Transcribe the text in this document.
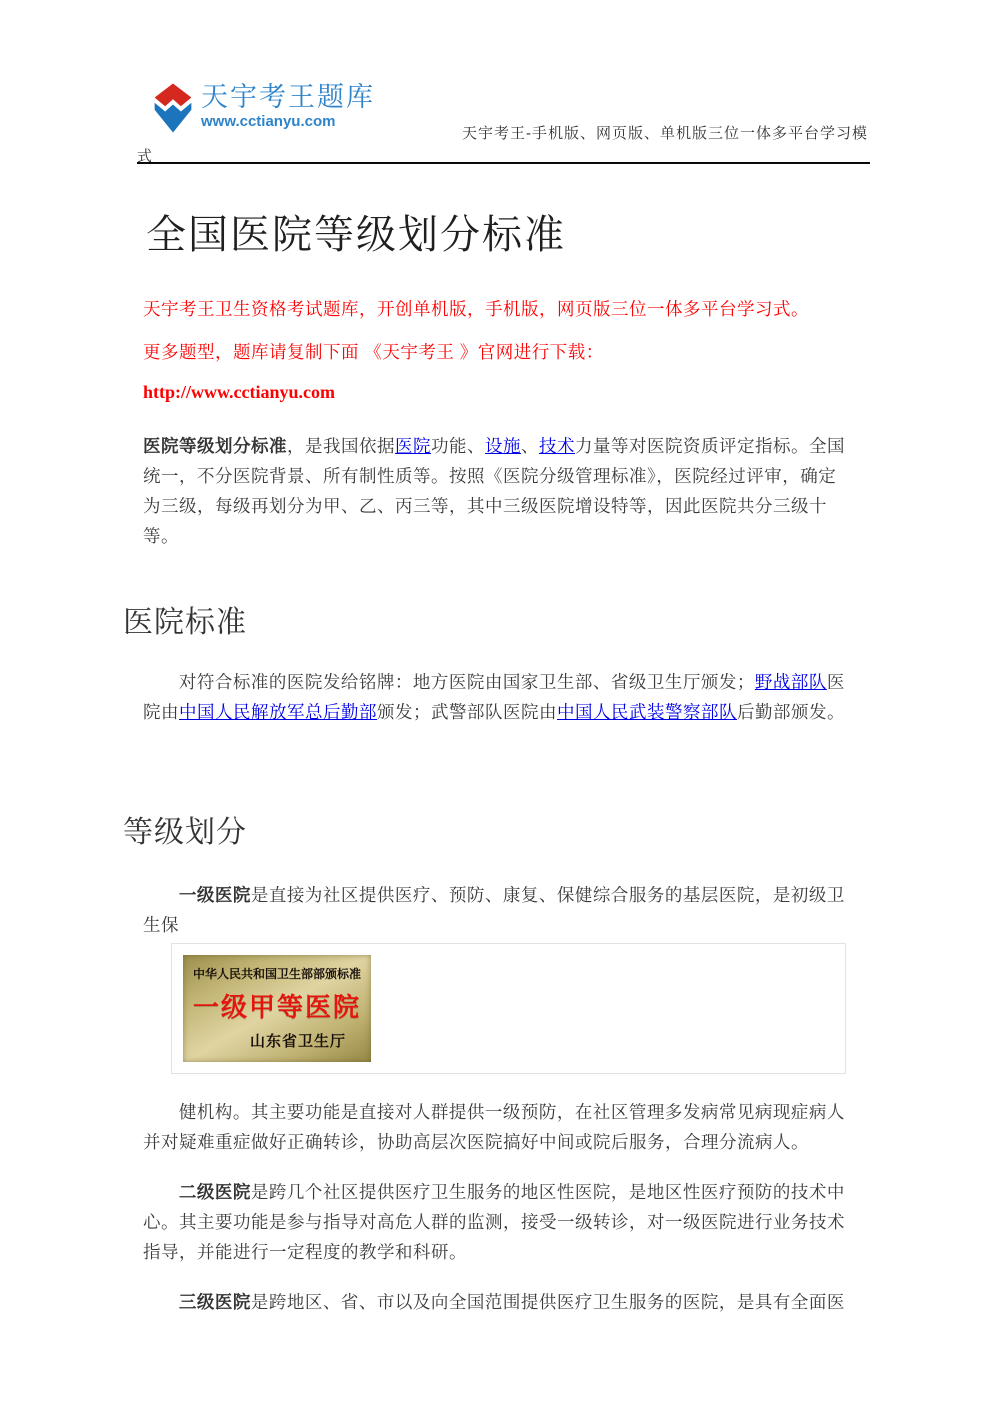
天宇考王题库
www.cctianyu.com
天宇考王-手机版、网页版、单机版三位一体多平台学习模
式
全国医院等级划分标准

天宇考王卫生资格考试题库，开创单机版，手机版，网页版三位一体多平台学习式。

更多题型，题库请复制下面 《天宇考王 》官网进行下载：

http://www.cctianyu.com

医院等级划分标准，是我国依据医院功能、设施、技术力量等对医院资质评定指标。全国统一，不分医院背景、所有制性质等。按照《医院分级管理标准》，医院经过评审，确定为三级，每级再划分为甲、乙、丙三等，其中三级医院增设特等，因此医院共分三级十等。

医院标准

对符合标准的医院发给铭牌：地方医院由国家卫生部、省级卫生厅颁发；野战部队医院由中国人民解放军总后勤部颁发；武警部队医院由中国人民武装警察部队后勤部颁发。

等级划分

一级医院是直接为社区提供医疗、预防、康复、保健综合服务的基层医院，是初级卫生保

中华人民共和国卫生部部颁标准
一级甲等医院
山东省卫生厅

健机构。其主要功能是直接对人群提供一级预防，在社区管理多发病常见病现症病人并对疑难重症做好正确转诊，协助高层次医院搞好中间或院后服务，合理分流病人。

二级医院是跨几个社区提供医疗卫生服务的地区性医院，是地区性医疗预防的技术中心。其主要功能是参与指导对高危人群的监测，接受一级转诊，对一级医院进行业务技术指导，并能进行一定程度的教学和科研。

三级医院是跨地区、省、市以及向全国范围提供医疗卫生服务的医院，是具有全面医
